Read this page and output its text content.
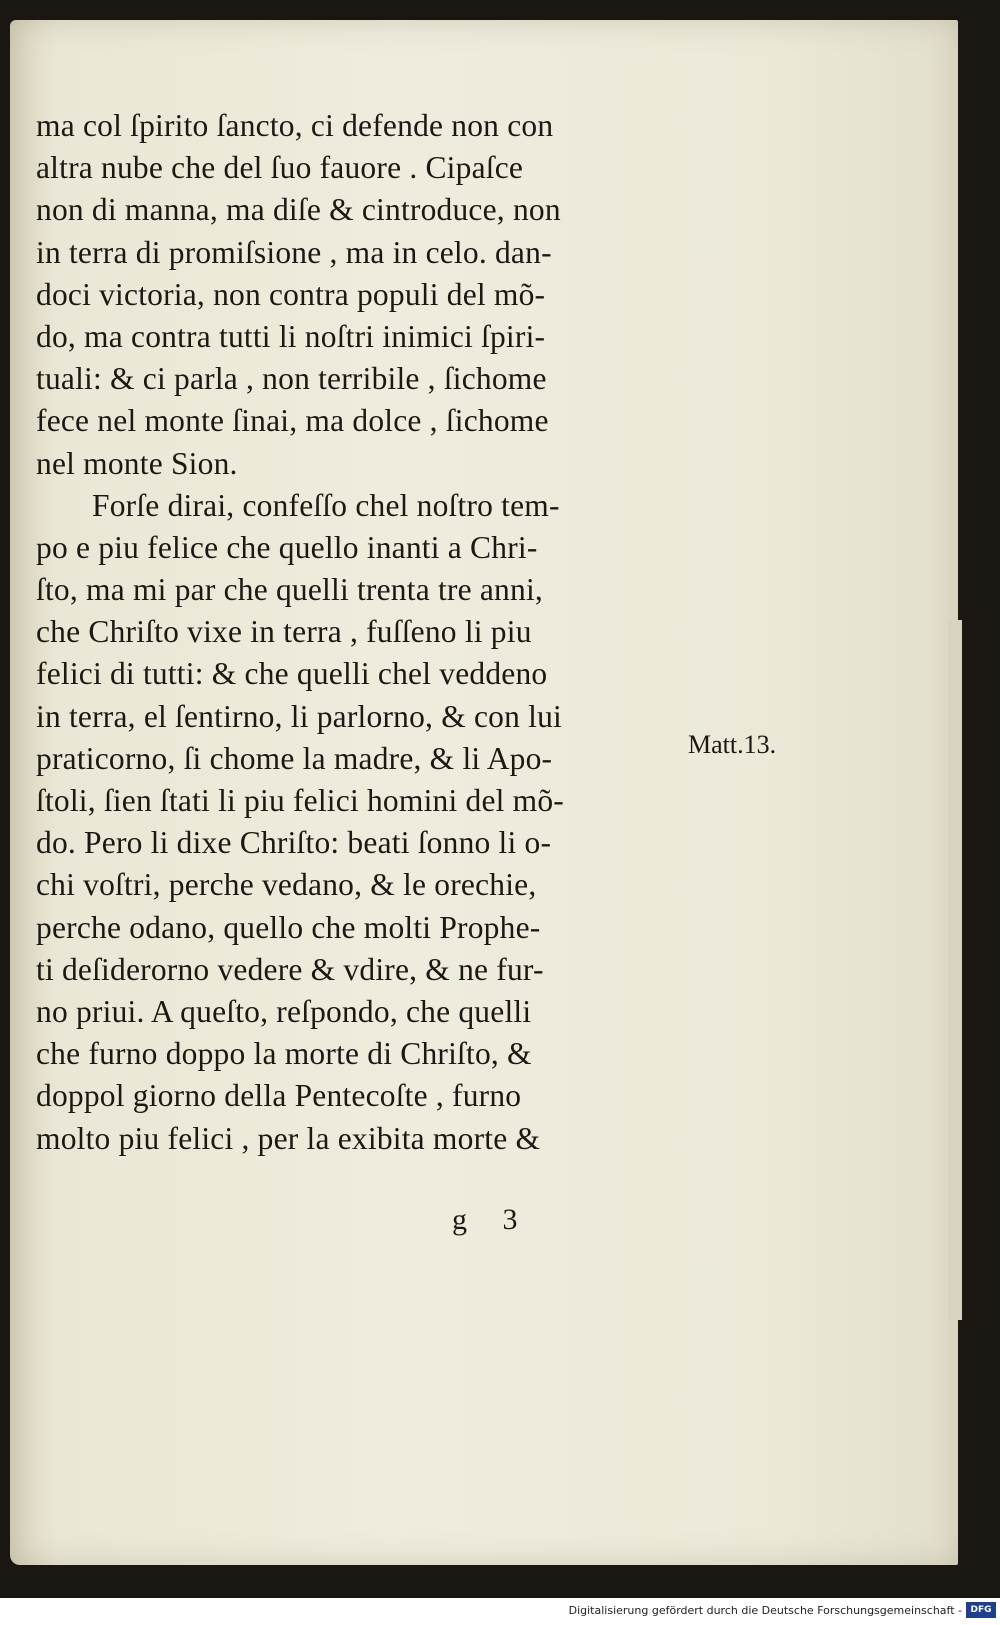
ma col ſpirito ſancto, ci defende non con
altra nube che del ſuo fauore . Cipaſce
non di manna, ma diſe & cintroduce, non
in terra di promiſsione , ma in celo. dan-
doci victoria, non contra populi del mõ-
do, ma contra tutti li noſtri inimici ſpiri-
tuali: & ci parla , non terribile , ſichome
fece nel monte ſinai, ma dolce , ſichome
nel monte Sion.
Forſe dirai, confeſſo chel noſtro tem-
po e piu felice che quello inanti a Chri-
ſto, ma mi par che quelli trenta tre anni,
che Chriſto vixe in terra , fuſſeno li piu
felici di tutti: & che quelli chel veddeno
in terra, el ſentirno, li parlorno, & con lui
praticorno, ſi chome la madre, & li Apo-
ſtoli, ſien ſtati li piu felici homini del mõ-
do. Pero li dixe Chriſto: beati ſonno li o-
chi voſtri, perche vedano, & le orechie,
perche odano, quello che molti Prophe-
ti deſiderorno vedere & vdire, & ne fur-
no priui. A queſto, reſpondo, che quelli
che furno doppo la morte di Chriſto, &
doppol giorno della Pentecoſte , furno
molto piu felici , per la exibita morte &
Matt.13.
g 3
Digitalisierung gefördert durch die Deutsche Forschungsgemeinschaft - DFG
